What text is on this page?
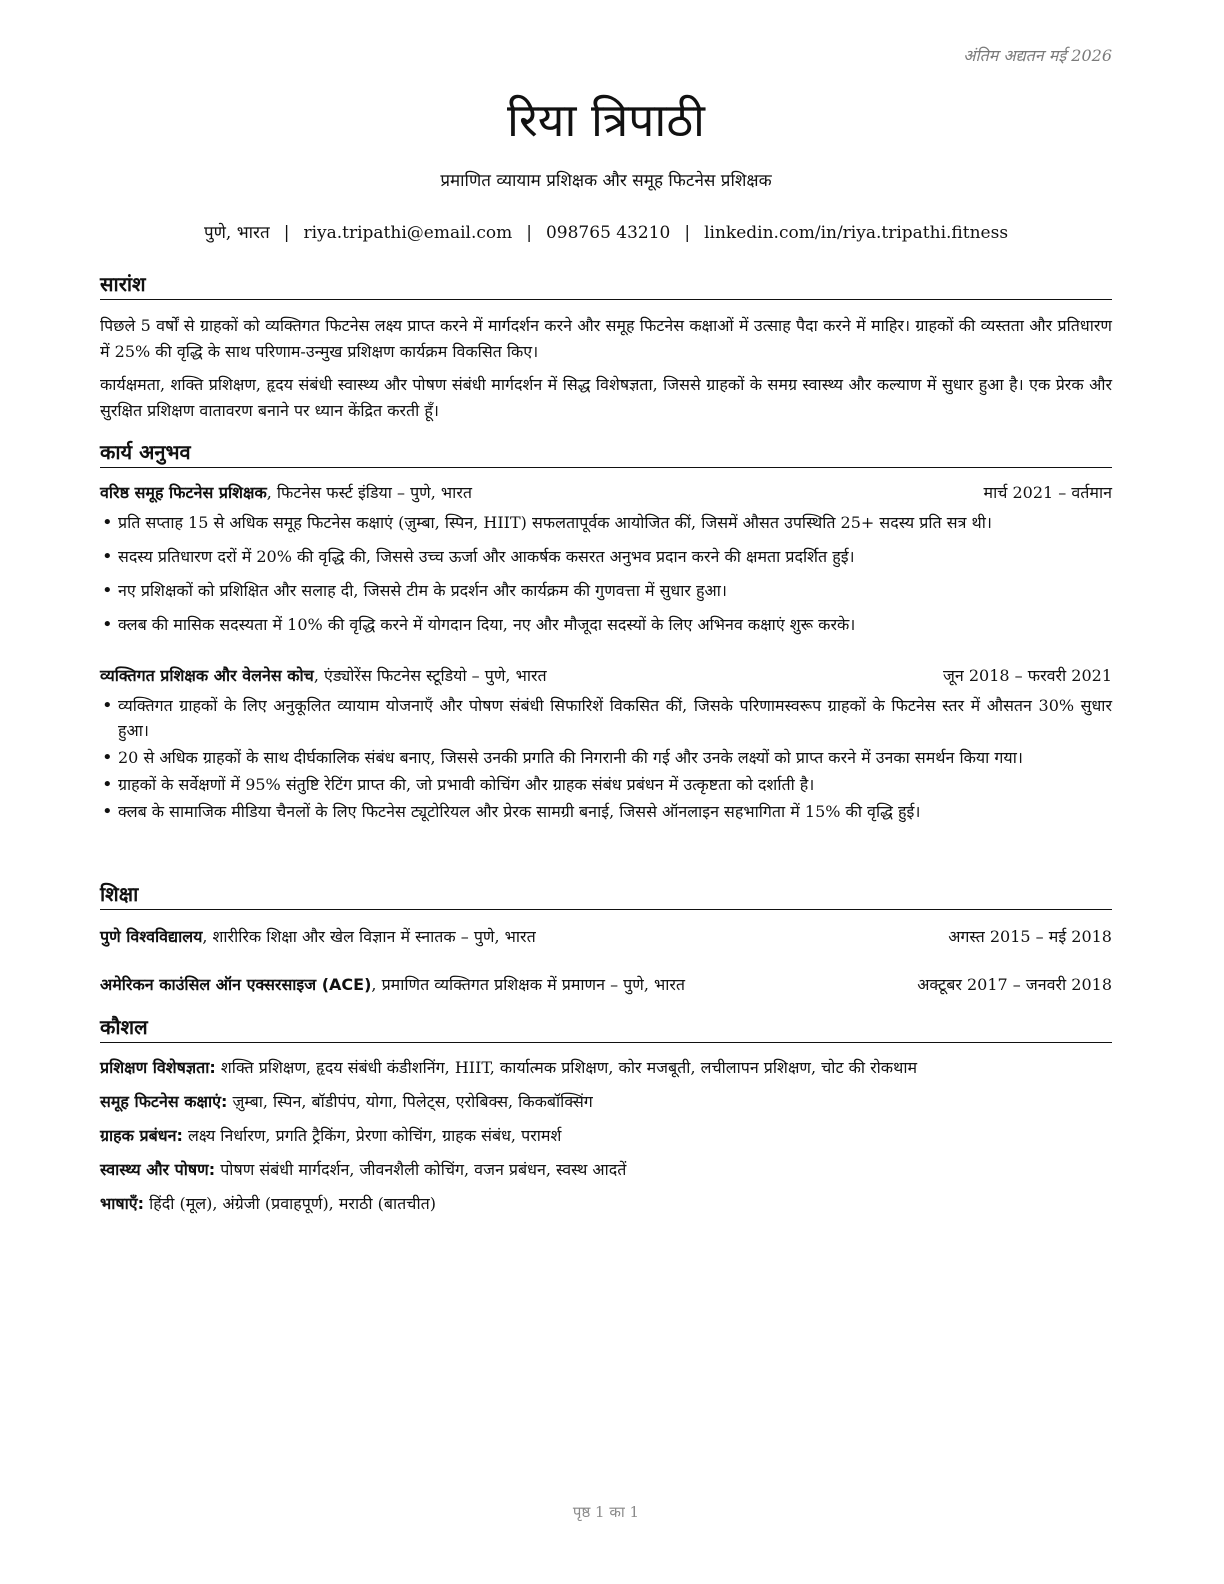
अंतिम अद्यतन मई 2026
रिया त्रिपाठी
प्रमाणित व्यायाम प्रशिक्षक और समूह फिटनेस प्रशिक्षक
पुणे, भारत | riya.tripathi@email.com | 098765 43210 | linkedin.com/in/riya.tripathi.fitness
सारांश
पिछले 5 वर्षों से ग्राहकों को व्यक्तिगत फिटनेस लक्ष्य प्राप्त करने में मार्गदर्शन करने और समूह फिटनेस कक्षाओं में उत्साह पैदा करने में माहिर। ग्राहकों की व्यस्तता और प्रतिधारण में 25% की वृद्धि के साथ परिणाम-उन्मुख प्रशिक्षण कार्यक्रम विकसित किए।
कार्यक्षमता, शक्ति प्रशिक्षण, हृदय संबंधी स्वास्थ्य और पोषण संबंधी मार्गदर्शन में सिद्ध विशेषज्ञता, जिससे ग्राहकों के समग्र स्वास्थ्य और कल्याण में सुधार हुआ है। एक प्रेरक और सुरक्षित प्रशिक्षण वातावरण बनाने पर ध्यान केंद्रित करती हूँ।
कार्य अनुभव
वरिष्ठ समूह फिटनेस प्रशिक्षक, फिटनेस फर्स्ट इंडिया – पुणे, भारत	मार्च 2021 – वर्तमान
• प्रति सप्ताह 15 से अधिक समूह फिटनेस कक्षाएं (ज़ुम्बा, स्पिन, HIIT) सफलतापूर्वक आयोजित कीं, जिसमें औसत उपस्थिति 25+ सदस्य प्रति सत्र थी।
• सदस्य प्रतिधारण दरों में 20% की वृद्धि की, जिससे उच्च ऊर्जा और आकर्षक कसरत अनुभव प्रदान करने की क्षमता प्रदर्शित हुई।
• नए प्रशिक्षकों को प्रशिक्षित और सलाह दी, जिससे टीम के प्रदर्शन और कार्यक्रम की गुणवत्ता में सुधार हुआ।
• क्लब की मासिक सदस्यता में 10% की वृद्धि करने में योगदान दिया, नए और मौजूदा सदस्यों के लिए अभिनव कक्षाएं शुरू करके।
व्यक्तिगत प्रशिक्षक और वेलनेस कोच, एंड्योरेंस फिटनेस स्टूडियो – पुणे, भारत	जून 2018 – फरवरी 2021
• व्यक्तिगत ग्राहकों के लिए अनुकूलित व्यायाम योजनाएँ और पोषण संबंधी सिफारिशें विकसित कीं, जिसके परिणामस्वरूप ग्राहकों के फिटनेस स्तर में औसतन 30% सुधार हुआ।
• 20 से अधिक ग्राहकों के साथ दीर्घकालिक संबंध बनाए, जिससे उनकी प्रगति की निगरानी की गई और उनके लक्ष्यों को प्राप्त करने में उनका समर्थन किया गया।
• ग्राहकों के सर्वेक्षणों में 95% संतुष्टि रेटिंग प्राप्त की, जो प्रभावी कोचिंग और ग्राहक संबंध प्रबंधन में उत्कृष्टता को दर्शाती है।
• क्लब के सामाजिक मीडिया चैनलों के लिए फिटनेस ट्यूटोरियल और प्रेरक सामग्री बनाई, जिससे ऑनलाइन सहभागिता में 15% की वृद्धि हुई।
शिक्षा
पुणे विश्वविद्यालय, शारीरिक शिक्षा और खेल विज्ञान में स्नातक – पुणे, भारत	अगस्त 2015 – मई 2018
अमेरिकन काउंसिल ऑन एक्सरसाइज (ACE), प्रमाणित व्यक्तिगत प्रशिक्षक में प्रमाणन – पुणे, भारत	अक्टूबर 2017 – जनवरी 2018
कौशल
प्रशिक्षण विशेषज्ञता: शक्ति प्रशिक्षण, हृदय संबंधी कंडीशनिंग, HIIT, कार्यात्मक प्रशिक्षण, कोर मजबूती, लचीलापन प्रशिक्षण, चोट की रोकथाम
समूह फिटनेस कक्षाएं: ज़ुम्बा, स्पिन, बॉडीपंप, योगा, पिलेट्स, एरोबिक्स, किकबॉक्सिंग
ग्राहक प्रबंधन: लक्ष्य निर्धारण, प्रगति ट्रैकिंग, प्रेरणा कोचिंग, ग्राहक संबंध, परामर्श
स्वास्थ्य और पोषण: पोषण संबंधी मार्गदर्शन, जीवनशैली कोचिंग, वजन प्रबंधन, स्वस्थ आदतें
भाषाएँ: हिंदी (मूल), अंग्रेजी (प्रवाहपूर्ण), मराठी (बातचीत)
पृष्ठ 1 का 1
